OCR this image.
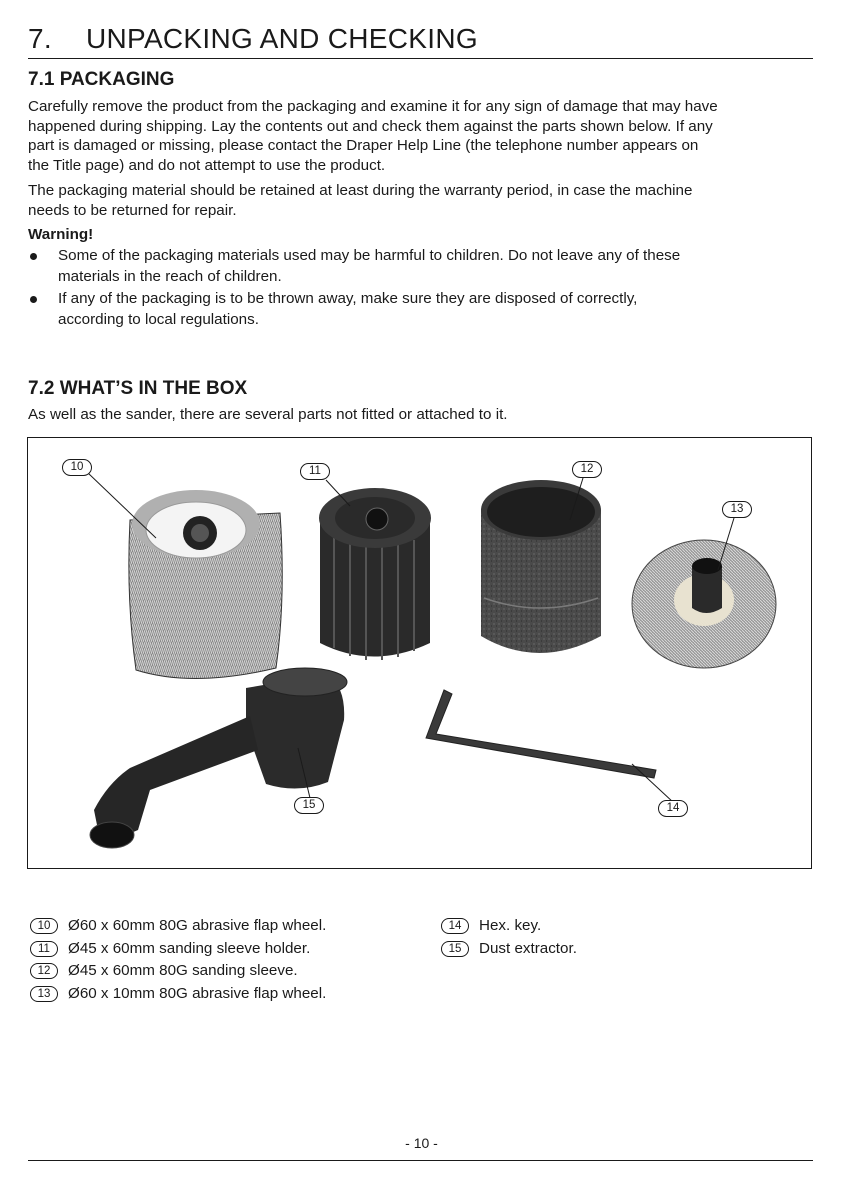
7. UNPACKING AND CHECKING
7.1 PACKAGING
Carefully remove the product from the packaging and examine it for any sign of damage that may have
happened during shipping. Lay the contents out and check them against the parts shown below. If any
part is damaged or missing, please contact the Draper Help Line (the telephone number appears on
the Title page) and do not attempt to use the product.
The packaging material should be retained at least during the warranty period, in case the machine
needs to be returned for repair.
Warning!
Some of the packaging materials used may be harmful to children. Do not leave any of these
materials in the reach of children.
If any of the packaging is to be thrown away, make sure they are disposed of correctly,
according to local regulations.
7.2 WHAT’S IN THE BOX
As well as the sander, there are several parts not fitted or attached to it.
10	11	12
13
14
15
10	Ø60 x 60mm 80G abrasive flap wheel.
11	Ø45 x 60mm sanding sleeve holder.
12	Ø45 x 60mm 80G sanding sleeve.
13	Ø60 x 10mm 80G abrasive flap wheel.
14	Hex. key.
15	Dust extractor.
- 10 -
